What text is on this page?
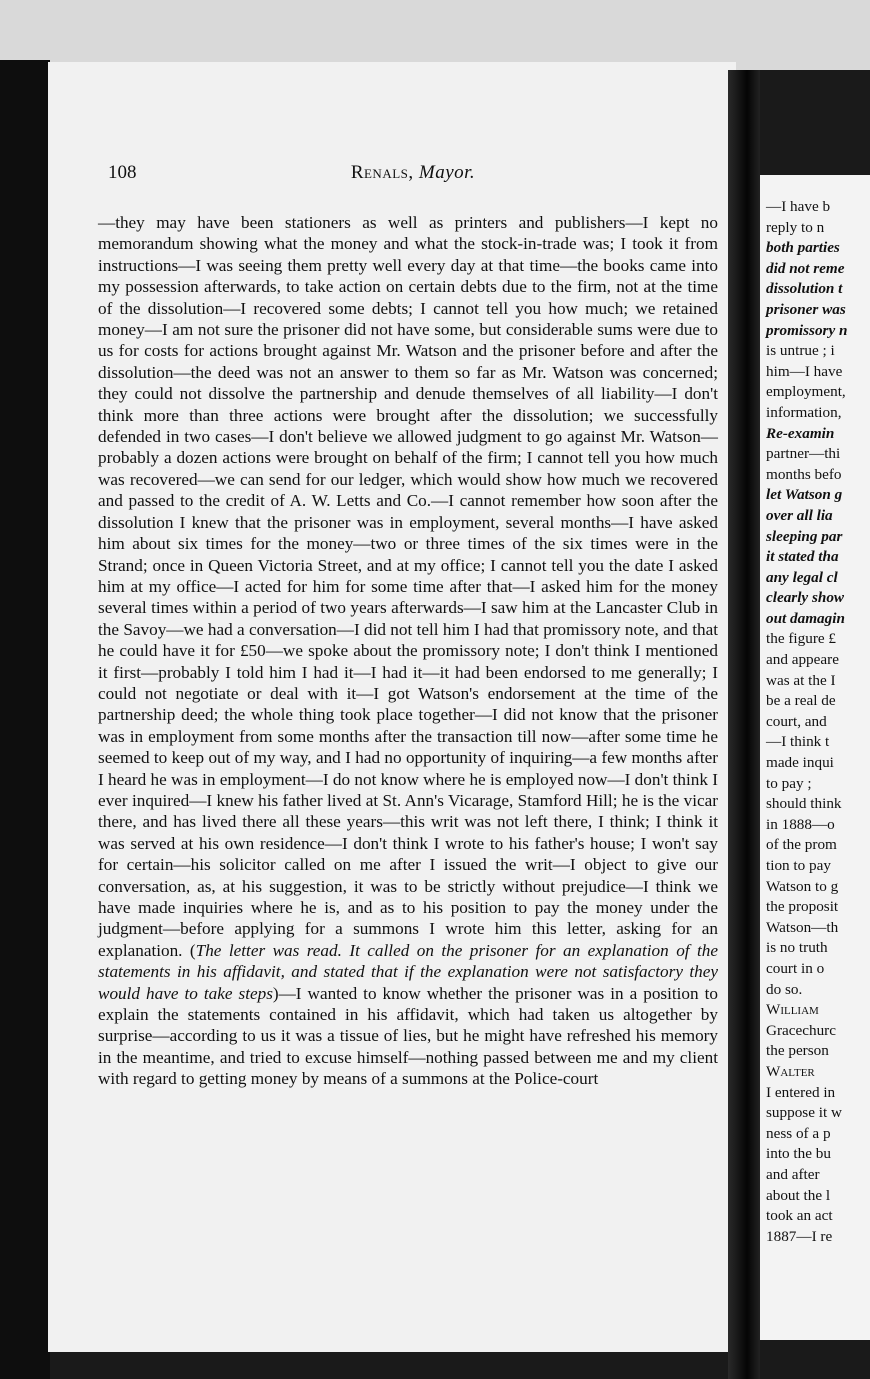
108	Renals, Mayor.

—they may have been stationers as well as printers and publishers—I kept no memorandum showing what the money and what the stock-in-trade was; I took it from instructions—I was seeing them pretty well every day at that time—the books came into my possession afterwards, to take action on certain debts due to the firm, not at the time of the dissolution—I recovered some debts; I cannot tell you how much; we retained money—I am not sure the prisoner did not have some, but considerable sums were due to us for costs for actions brought against Mr. Watson and the prisoner before and after the dissolution—the deed was not an answer to them so far as Mr. Watson was concerned; they could not dissolve the partnership and denude themselves of all liability—I don't think more than three actions were brought after the dissolution; we successfully defended in two cases—I don't believe we allowed judgment to go against Mr. Watson—probably a dozen actions were brought on behalf of the firm; I cannot tell you how much was recovered—we can send for our ledger, which would show how much we recovered and passed to the credit of A. W. Letts and Co.—I cannot remember how soon after the dissolution I knew that the prisoner was in employment, several months—I have asked him about six times for the money—two or three times of the six times were in the Strand; once in Queen Victoria Street, and at my office; I cannot tell you the date I asked him at my office—I acted for him for some time after that—I asked him for the money several times within a period of two years afterwards—I saw him at the Lancaster Club in the Savoy—we had a conversation—I did not tell him I had that promissory note, and that he could have it for £50—we spoke about the promissory note; I don't think I mentioned it first—probably I told him I had it—I had it—it had been endorsed to me generally; I could not negotiate or deal with it—I got Watson's endorsement at the time of the partnership deed; the whole thing took place together—I did not know that the prisoner was in employment from some months after the transaction till now—after some time he seemed to keep out of my way, and I had no opportunity of inquiring—a few months after I heard he was in employment—I do not know where he is employed now—I don't think I ever inquired—I knew his father lived at St. Ann's Vicarage, Stamford Hill; he is the vicar there, and has lived there all these years—this writ was not left there, I think; I think it was served at his own residence—I don't think I wrote to his father's house; I won't say for certain—his solicitor called on me after I issued the writ—I object to give our conversation, as, at his suggestion, it was to be strictly without prejudice—I think we have made inquiries where he is, and as to his position to pay the money under the judgment—before applying for a summons I wrote him this letter, asking for an explanation. (The letter was read. It called on the prisoner for an explanation of the statements in his affidavit, and stated that if the explanation were not satisfactory they would have to take steps)—I wanted to know whether the prisoner was in a position to explain the statements contained in his affidavit, which had taken us altogether by surprise—according to us it was a tissue of lies, but he might have refreshed his memory in the meantime, and tried to excuse himself—nothing passed between me and my client with regard to getting money by means of a summons at the Police-court

—I have b
reply to n
both parties
did not reme
dissolution t
prisoner was
promissory n
is untrue ; i
him—I have
employment,
information,
Re-examin
partner—thi
months befo
let Watson g
over all lia
sleeping par
it stated tha
any legal cl
clearly show
out damagin
the figure £
and appeare
was at the I
be a real de
court, and
—I think t
made inqui
to pay ;
should think
in 1888—o
of the prom
tion to pay
Watson to g
the proposit
Watson—th
is no truth
court in o
do so.
William
Gracechurc
the person
Walter
I entered in
suppose it w
ness of a p
into the bu
and after
about the l
took an act
1887—I re
